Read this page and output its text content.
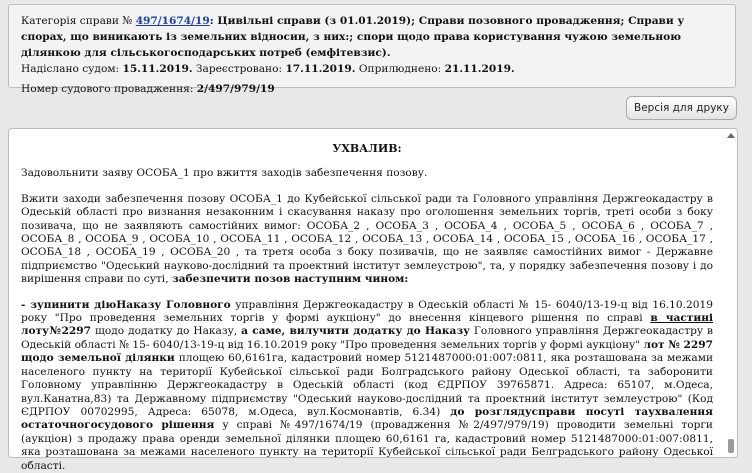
Категорія справи № 497/1674/19: Цивільні справи (з 01.01.2019); Справи позовного провадження; Справи у спорах, що виникають із земельних відносин, з них:; спори щодо права користування чужою земельною ділянкою для сільськогосподарських потреб (емфітевзис).

Надіслано судом: 15.11.2019. Зареєстровано: 17.11.2019. Оприлюднено: 21.11.2019.

Номер судового провадження: 2/497/979/19

Версія для друку
УХВАЛИВ:

Задовольнити заяву ОСОБА_1 про вжиття заходів забезпечення позову.

Вжити заходи забезпечення позову ОСОБА_1 до Кубейської сільської ради та Головного управління Держгеокадастру в Одеській області про визнання незаконним і скасування наказу про оголошення земельних торгів, треті особи з боку позивача, що не заявляють самостійних вимог: ОСОБА_2 , ОСОБА_3 , ОСОБА_4 , ОСОБА_5 , ОСОБА_6 , ОСОБА_7 , ОСОБА_8 , ОСОБА_9 , ОСОБА_10 , ОСОБА_11 , ОСОБА_12 , ОСОБА_13 , ОСОБА_14 , ОСОБА_15 , ОСОБА_16 , ОСОБА_17 , ОСОБА_18 , ОСОБА_19 , ОСОБА_20 , та третя особа з боку позивачів, що не заявляє самостійних вимог - Державне підприємство "Одеський науково-дослідний та проектний інститут землеустрою", та, у порядку забезпечення позову і до вирішення справи по суті, забезпечити позов наступним чином:

- зупинити діюНаказу Головного управління Держгеокадастру в Одеській області № 15- 6040/13-19-ц від 16.10.2019 року "Про проведення земельних торгів у формі аукціону" до внесення кінцевого рішення по справі в частині лоту№2297 щодо додатку до Наказу, а саме, вилучити додатку до Наказу Головного управління Держгеокадастру в Одеській області № 15- 6040/13-19-ц від 16.10.2019 року "Про проведення земельних торгів у формі аукціону" лот № 2297 щодо земельної ділянки площею 60,6161га, кадастровий номер 5121487000:01:007:0811, яка розташована за межами населеного пункту на території Кубейської сільської ради Болградського району Одеської області, та заборонити Головному управлінню Держгеокадастру в Одеській області (код ЄДРПОУ 39765871. Адреса: 65107, м.Одеса, вул.Канатна,83) та Державному підприємству "Одеський науково-дослідний та проектний інститут землеустрою" (Код ЄДРПОУ 00702995, Адреса: 65078, м.Одеса, вул.Космонавтів, 6.34) до розглядусправи посуті тауxвалення остаточногосудового рішення у справі №497/1674/19 (провадження №2/497/979/19) проводити земельні торги (аукціон) з продажу права оренди земельної ділянки площею 60,6161 га, кадастровий номер 5121487000:01:007:0811, яка розташована за межами населеного пункту на території Кубейської сільської ради Белградського району Одеської області.
